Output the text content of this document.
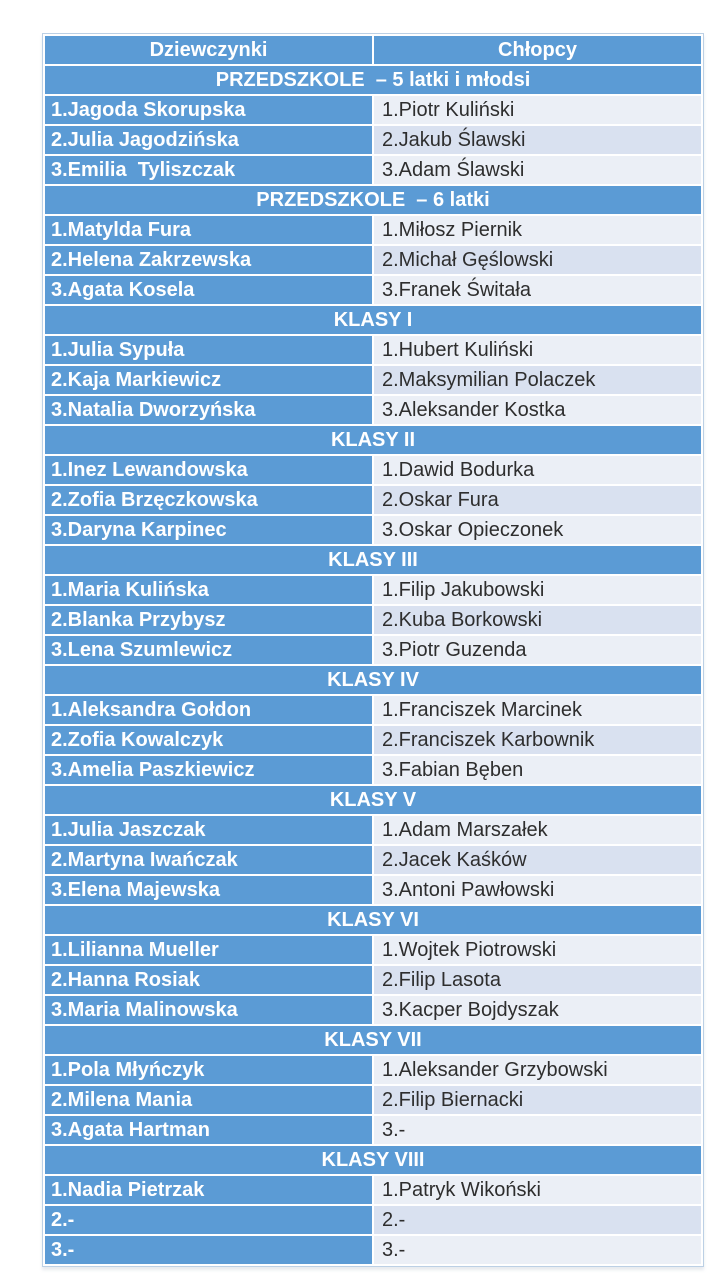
Dziewczynki	Chłopcy
PRZEDSZKOLE  – 5 latki i młodsi	
1.Jagoda Skorupska	1.Piotr Kuliński
2.Julia Jagodzińska	2.Jakub Ślawski
3.Emilia  Tyliszczak	3.Adam Ślawski
PRZEDSZKOLE  – 6 latki	
1.Matylda Fura	1.Miłosz Piernik
2.Helena Zakrzewska	2.Michał Gęślowski
3.Agata Kosela	3.Franek Świtała
KLASY I	
1.Julia Sypuła	1.Hubert Kuliński
2.Kaja Markiewicz	2.Maksymilian Polaczek
3.Natalia Dworzyńska	3.Aleksander Kostka
KLASY II	
1.Inez Lewandowska	1.Dawid Bodurka
2.Zofia Brzęczkowska	2.Oskar Fura
3.Daryna Karpinec	3.Oskar Opieczonek
KLASY III	
1.Maria Kulińska	1.Filip Jakubowski
2.Blanka Przybysz	2.Kuba Borkowski
3.Lena Szumlewicz	3.Piotr Guzenda
KLASY IV	
1.Aleksandra Gołdon	1.Franciszek Marcinek
2.Zofia Kowalczyk	2.Franciszek Karbownik
3.Amelia Paszkiewicz	3.Fabian Bęben
KLASY V	
1.Julia Jaszczak	1.Adam Marszałek
2.Martyna Iwańczak	2.Jacek Kaśków
3.Elena Majewska	3.Antoni Pawłowski
KLASY VI	
1.Lilianna Mueller	1.Wojtek Piotrowski
2.Hanna Rosiak	2.Filip Lasota
3.Maria Malinowska	3.Kacper Bojdyszak
KLASY VII	
1.Pola Młyńczyk	1.Aleksander Grzybowski
2.Milena Mania	2.Filip Biernacki
3.Agata Hartman	3.-
KLASY VIII	
1.Nadia Pietrzak	1.Patryk Wikoński
2.-	2.-
3.-	3.-
